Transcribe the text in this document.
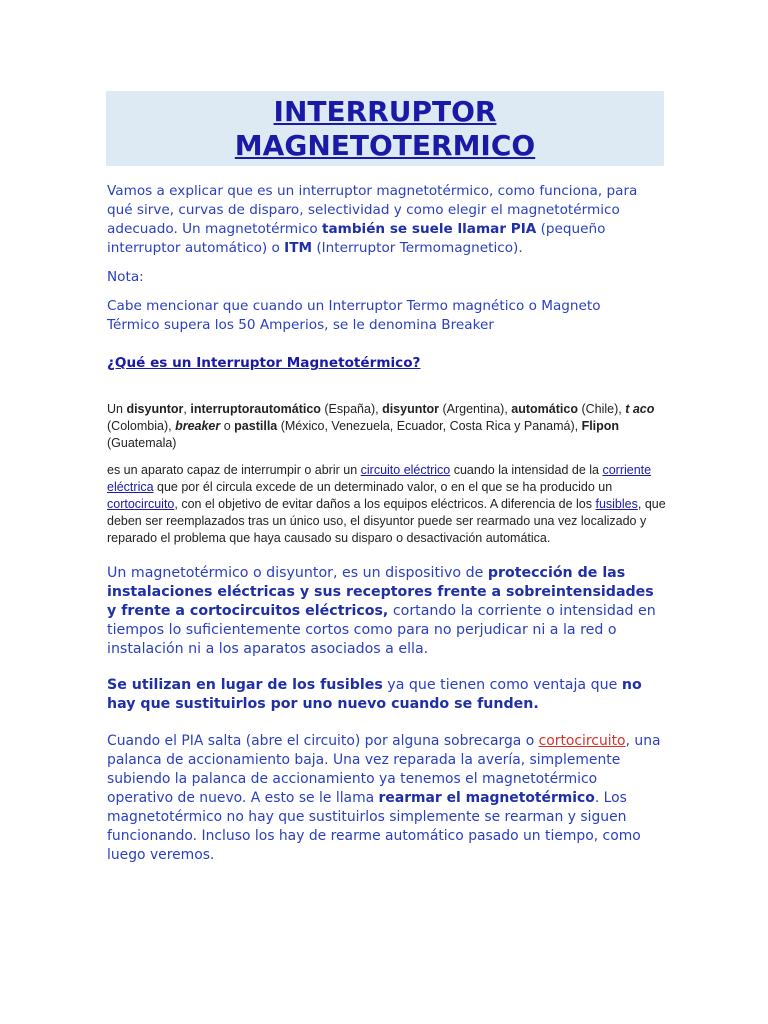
INTERRUPTOR
MAGNETOTERMICO

Vamos a explicar que es un interruptor magnetotérmico, como funciona, para
qué sirve, curvas de disparo, selectividad y como elegir el magnetotérmico
adecuado. Un magnetotérmico también se suele llamar PIA (pequeño
interruptor automático) o ITM (Interruptor Termomagnetico).

Nota:

Cabe mencionar que cuando un Interruptor Termo magnético o Magneto
Térmico supera los 50 Amperios, se le denomina Breaker

¿Qué es un Interruptor Magnetotérmico?

Un disyuntor, interruptorautomático (España), disyuntor (Argentina), automático (Chile), t aco (Colombia), breaker o pastilla (México, Venezuela, Ecuador, Costa Rica y Panamá), Flipon (Guatemala)

es un aparato capaz de interrumpir o abrir un circuito eléctrico cuando la intensidad de la corriente eléctrica que por él circula excede de un determinado valor, o en el que se ha producido un cortocircuito, con el objetivo de evitar daños a los equipos eléctricos. A diferencia de los fusibles, que deben ser reemplazados tras un único uso, el disyuntor puede ser rearmado una vez localizado y reparado el problema que haya causado su disparo o desactivación automática.

Un magnetotérmico o disyuntor, es un dispositivo de protección de las instalaciones eléctricas y sus receptores frente a sobreintensidades y frente a cortocircuitos eléctricos, cortando la corriente o intensidad en tiempos lo suficientemente cortos como para no perjudicar ni a la red o instalación ni a los aparatos asociados a ella.

Se utilizan en lugar de los fusibles ya que tienen como ventaja que no hay que sustituirlos por uno nuevo cuando se funden.

Cuando el PIA salta (abre el circuito) por alguna sobrecarga o cortocircuito, una palanca de accionamiento baja. Una vez reparada la avería, simplemente subiendo la palanca de accionamiento ya tenemos el magnetotérmico operativo de nuevo. A esto se le llama rearmar el magnetotérmico. Los magnetotérmico no hay que sustituirlos simplemente se rearman y siguen funcionando. Incluso los hay de rearme automático pasado un tiempo, como luego veremos.
